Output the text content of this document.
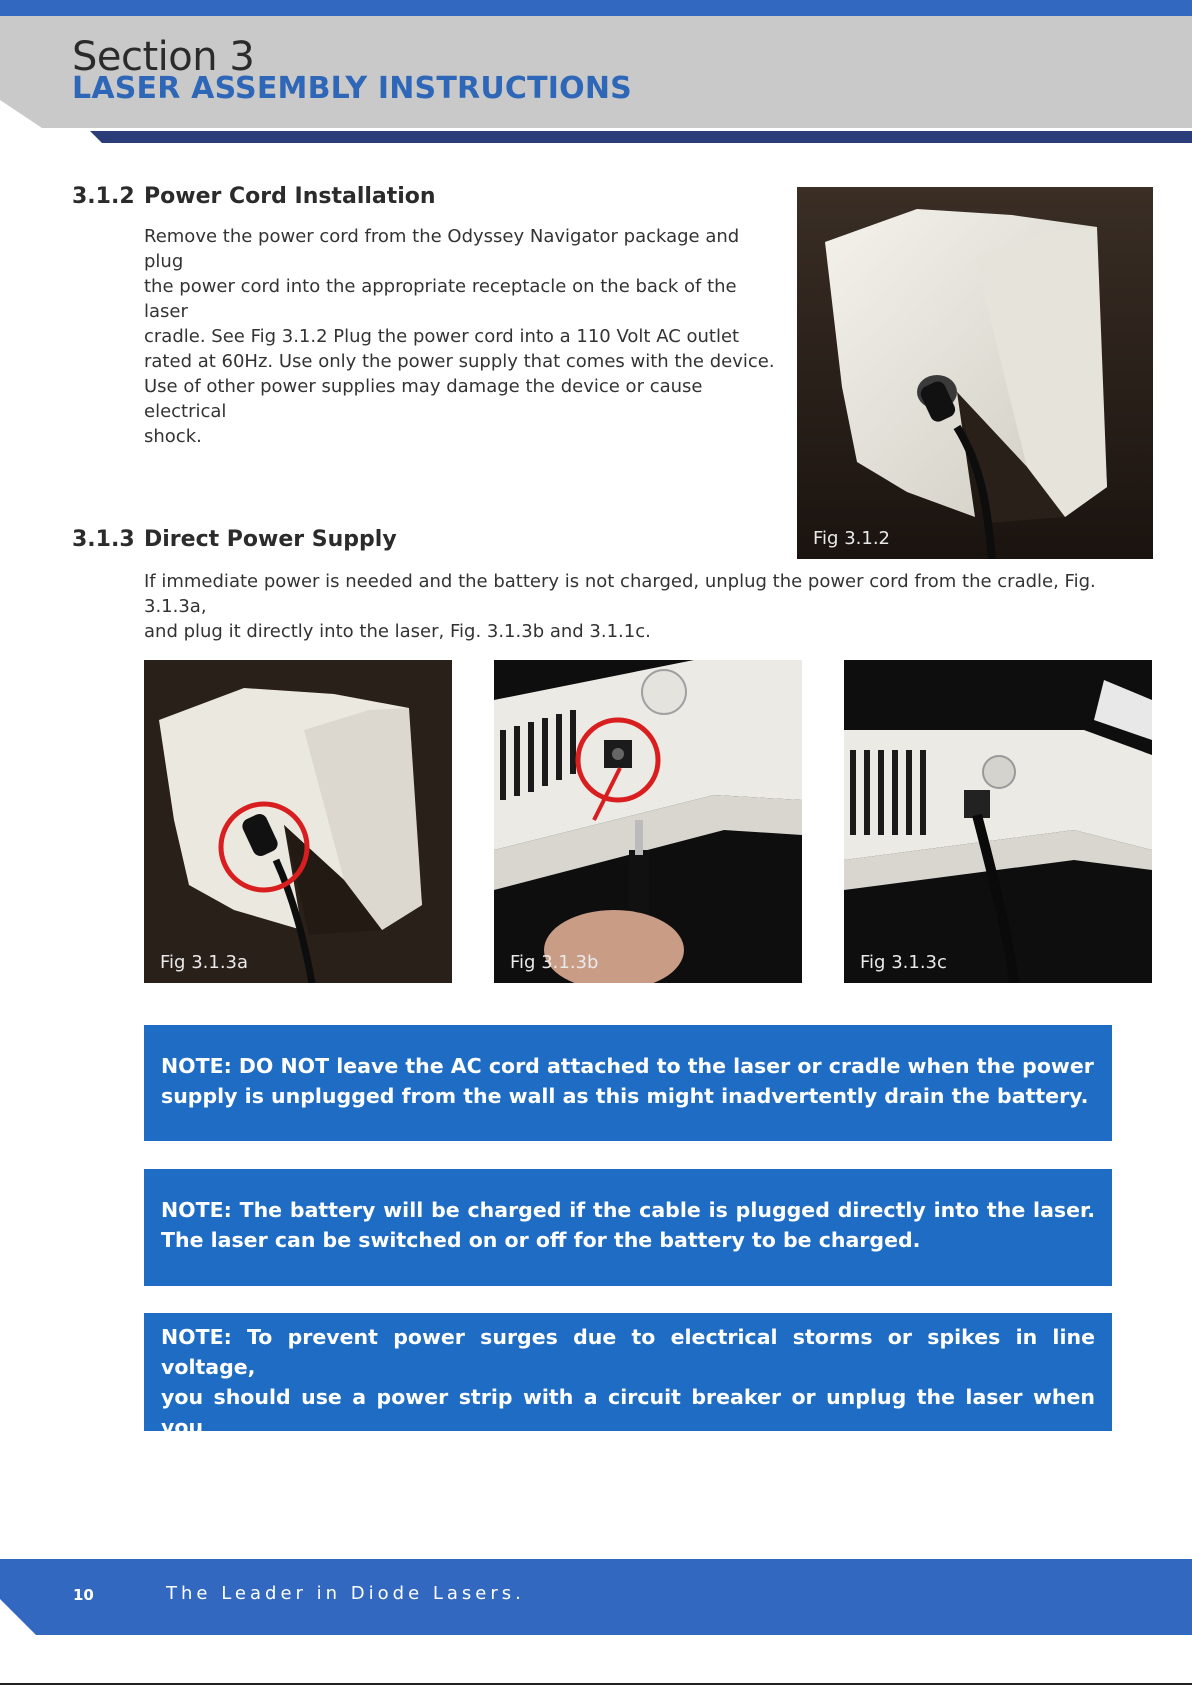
Section 3
LASER ASSEMBLY INSTRUCTIONS
3.1.2 Power Cord Installation
Remove the power cord from the Odyssey Navigator package and plug
the power cord into the appropriate receptacle on the back of the laser
cradle. See Fig 3.1.2 Plug the power cord into a 110 Volt AC outlet
rated at 60Hz. Use only the power supply that comes with the device.
Use of other power supplies may damage the device or cause electrical
shock.
Fig 3.1.2
3.1.3 Direct Power Supply
If immediate power is needed and the battery is not charged, unplug the power cord from the cradle, Fig. 3.1.3a,
and plug it directly into the laser, Fig. 3.1.3b and 3.1.1c.
Fig 3.1.3a	Fig 3.1.3b	Fig 3.1.3c
NOTE: DO NOT leave the AC cord attached to the laser or cradle when the power
supply is unplugged from the wall as this might inadvertently drain the battery.
NOTE: The battery will be charged if the cable is plugged directly into the laser.
The laser can be switched on or off for the battery to be charged.
NOTE: To prevent power surges due to electrical storms or spikes in line voltage,
you should use a power strip with a circuit breaker or unplug the laser when you
are not present.
10	The Leader in Diode Lasers.
